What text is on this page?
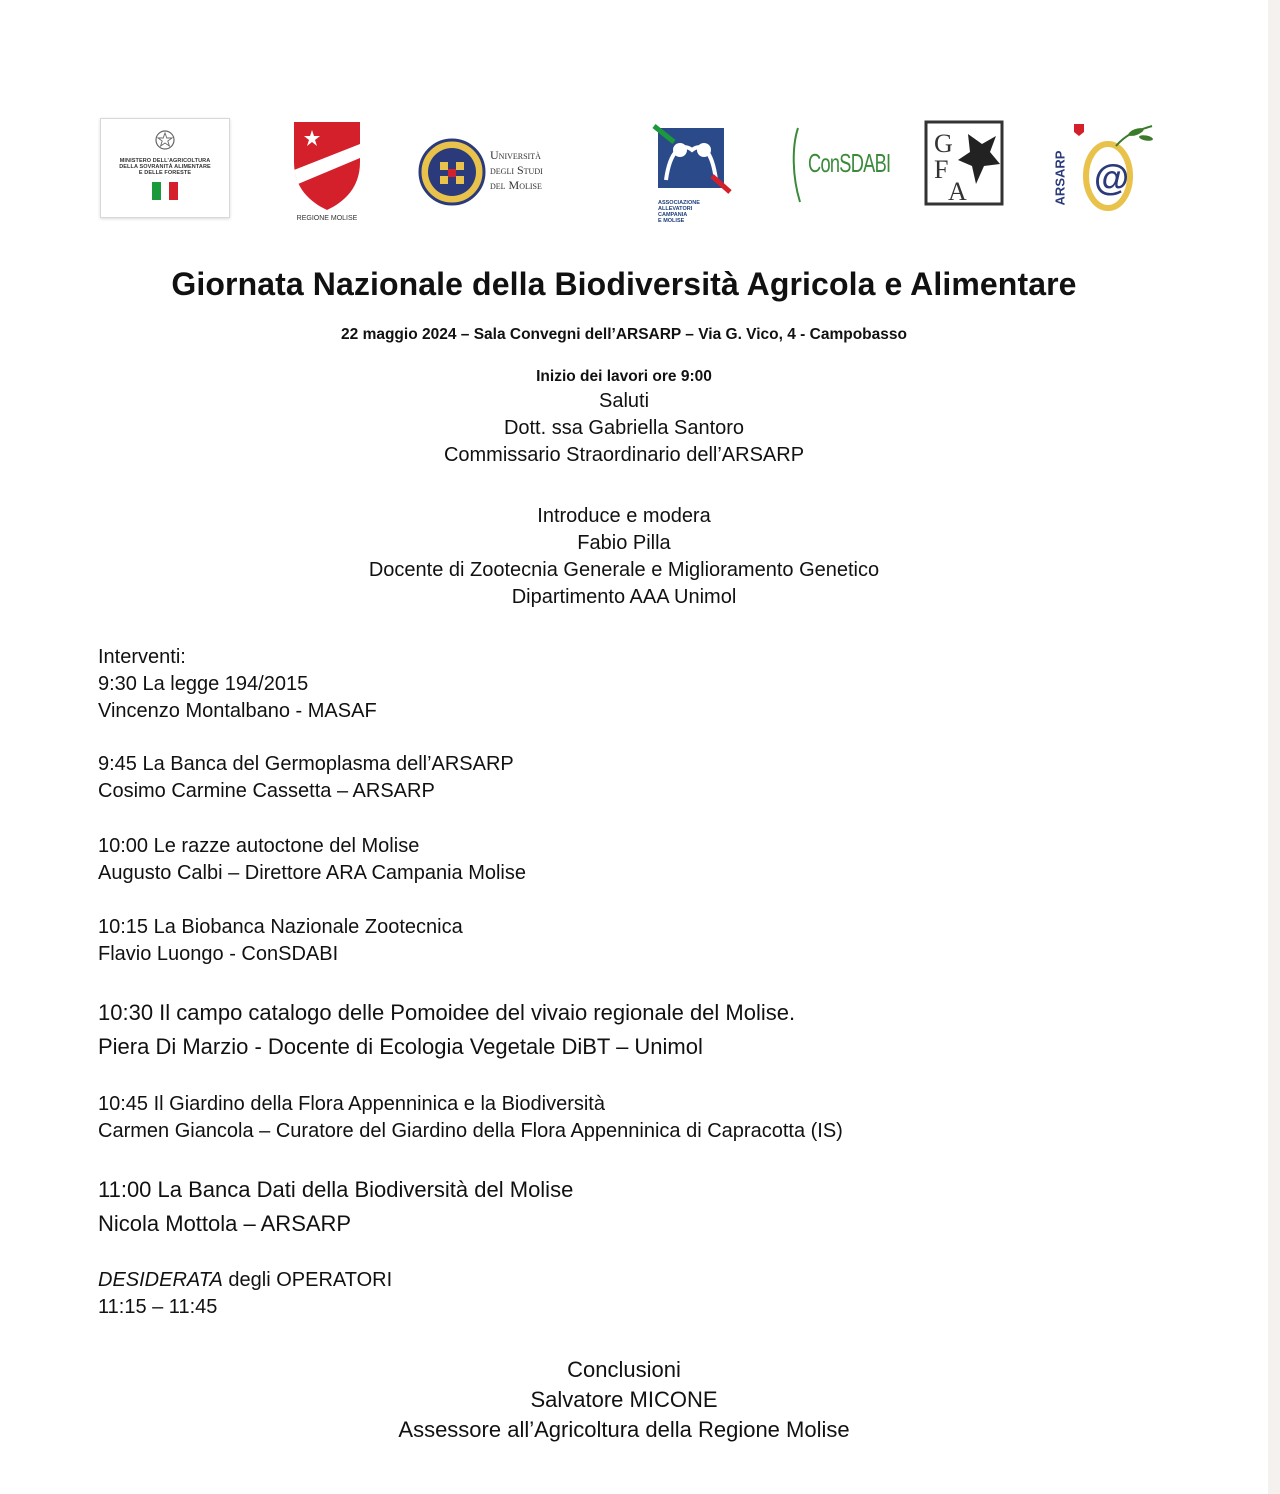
MINISTERO DELL'AGRICOLTURA
DELLA SOVRANITÀ ALIMENTARE
E DELLE FORESTE
REGIONE MOLISE
Università
degli Studi
del Molise
ASSOCIAZIONE
ALLEVATORI
CAMPANIA
E MOLISE
ConSDABI
G
F
A	ARSARP @
Giornata Nazionale della Biodiversità Agricola e Alimentare
22 maggio 2024 – Sala Convegni dell’ARSARP – Via G. Vico, 4 - Campobasso
Inizio dei lavori ore 9:00
Saluti
Dott. ssa Gabriella Santoro
Commissario Straordinario dell’ARSARP
Introduce e modera
Fabio Pilla
Docente di Zootecnia Generale e Miglioramento Genetico
Dipartimento AAA Unimol
Interventi:
9:30 La legge 194/2015
Vincenzo Montalbano - MASAF
9:45 La Banca del Germoplasma dell’ARSARP
Cosimo Carmine Cassetta – ARSARP
10:00 Le razze autoctone del Molise
Augusto Calbi – Direttore ARA Campania Molise
10:15 La Biobanca Nazionale Zootecnica
Flavio Luongo - ConSDABI
10:30 Il campo catalogo delle Pomoidee del vivaio regionale del Molise.
Piera Di Marzio - Docente di Ecologia Vegetale DiBT – Unimol
10:45 Il Giardino della Flora Appenninica e la Biodiversità
Carmen Giancola – Curatore del Giardino della Flora Appenninica di Capracotta (IS)
11:00 La Banca Dati della Biodiversità del Molise
Nicola Mottola – ARSARP
DESIDERATA degli OPERATORI
11:15 – 11:45
Conclusioni
Salvatore MICONE
Assessore all’Agricoltura della Regione Molise
